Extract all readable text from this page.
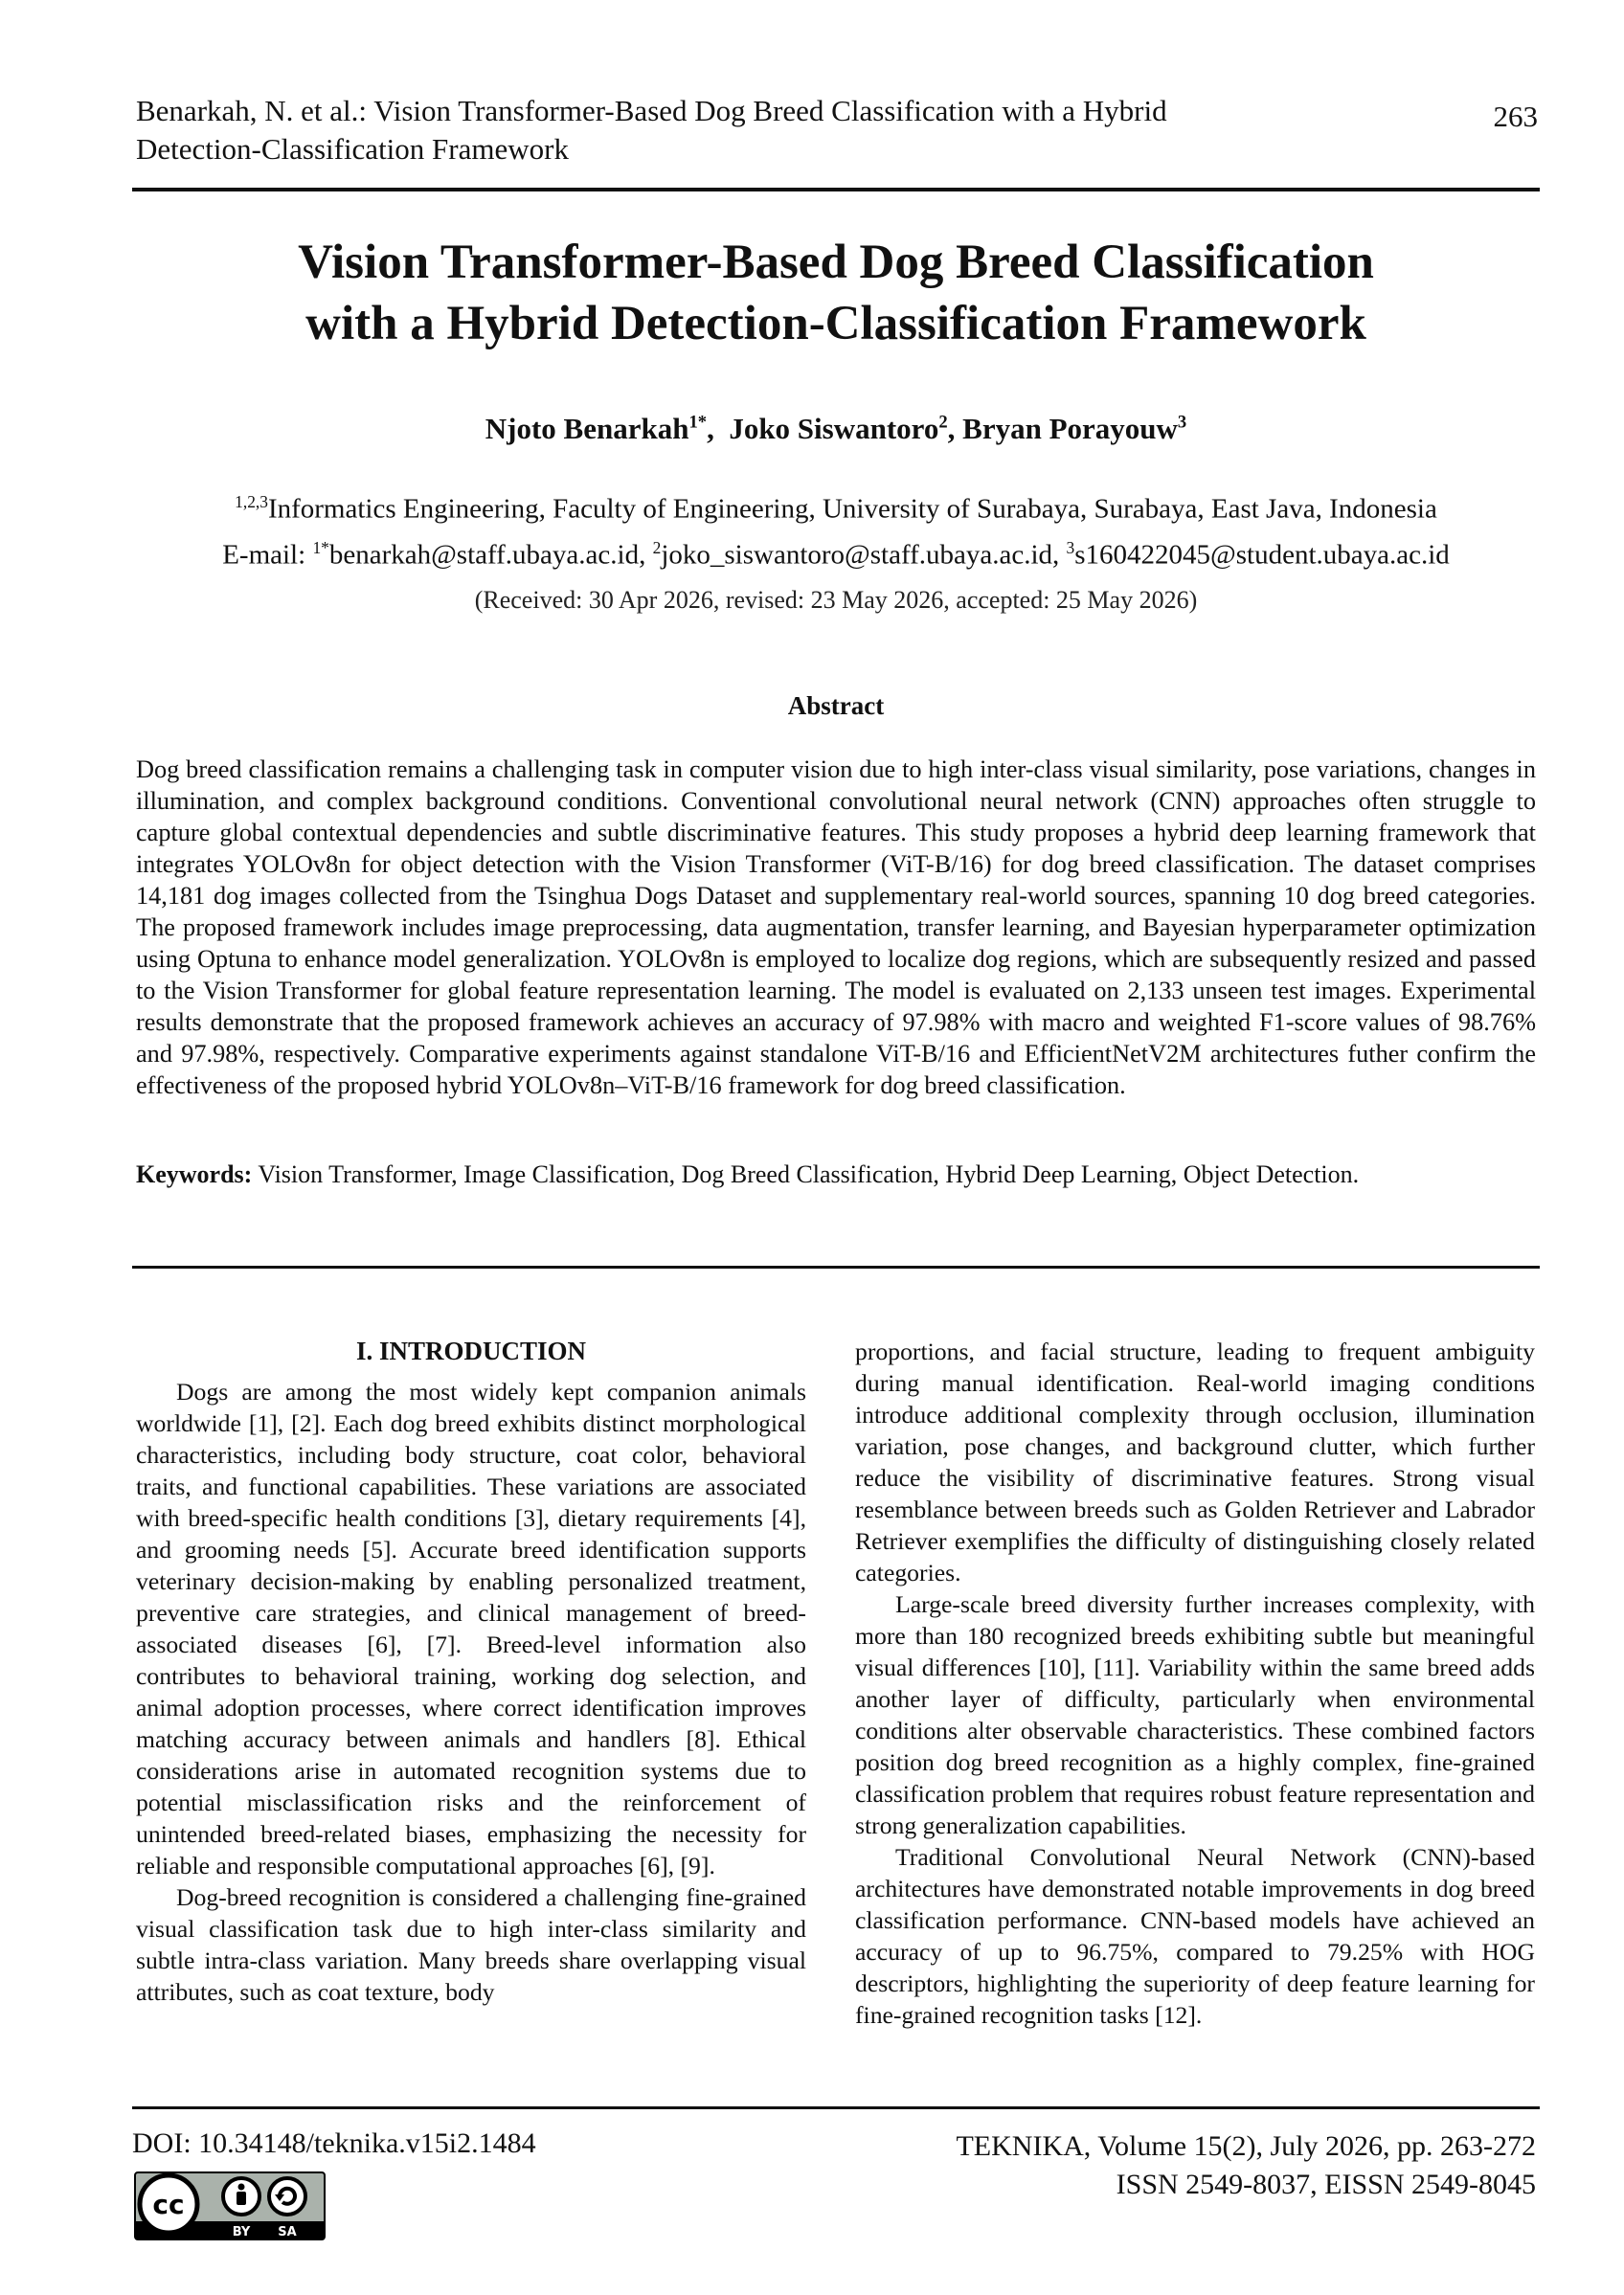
Benarkah, N. et al.: Vision Transformer-Based Dog Breed Classification with a Hybrid Detection-Classification Framework
263
Vision Transformer-Based Dog Breed Classification
with a Hybrid Detection-Classification Framework
Njoto Benarkah$^{1*}$,  Joko Siswantoro$^2$, Bryan Porayouw$^3$
$^{1,2,3}$Informatics Engineering, Faculty of Engineering, University of Surabaya, Surabaya, East Java, Indonesia
E-mail: $^{1*}$benarkah@staff.ubaya.ac.id, $^2$joko_siswantoro@staff.ubaya.ac.id, $^3$s160422045@student.ubaya.ac.id
(Received: 30 Apr 2026, revised: 23 May 2026, accepted: 25 May 2026)
Abstract
Dog breed classification remains a challenging task in computer vision due to high inter-class visual similarity, pose variations, changes in illumination, and complex background conditions. Conventional convolutional neural network (CNN) approaches often struggle to capture global contextual dependencies and subtle discriminative features. This study proposes a hybrid deep learning framework that integrates YOLOv8n for object detection with the Vision Transformer (ViT-B/16) for dog breed classification. The dataset comprises 14,181 dog images collected from the Tsinghua Dogs Dataset and supplementary real-world sources, spanning 10 dog breed categories. The proposed framework includes image preprocessing, data augmentation, transfer learning, and Bayesian hyperparameter optimization using Optuna to enhance model generalization. YOLOv8n is employed to localize dog regions, which are subsequently resized and passed to the Vision Transformer for global feature representation learning. The model is evaluated on 2,133 unseen test images. Experimental results demonstrate that the proposed framework achieves an accuracy of 97.98% with macro and weighted F1-score values of 98.76% and 97.98%, respectively. Comparative experiments against standalone ViT-B/16 and EfficientNetV2M architectures futher confirm the effectiveness of the proposed hybrid YOLOv8n–ViT-B/16 framework for dog breed classification.
Keywords: Vision Transformer, Image Classification, Dog Breed Classification, Hybrid Deep Learning, Object Detection.
I. INTRODUCTION

Dogs are among the most widely kept companion animals worldwide [1], [2]. Each dog breed exhibits distinct morphological characteristics, including body structure, coat color, behavioral traits, and functional capabilities. These variations are associated with breed-specific health conditions [3], dietary requirements [4], and grooming needs [5]. Accurate breed identification supports veterinary decision-making by enabling personalized treatment, preventive care strategies, and clinical management of breed-associated diseases [6], [7]. Breed-level information also contributes to behavioral training, working dog selection, and animal adoption processes, where correct identification improves matching accuracy between animals and handlers [8]. Ethical considerations arise in automated recognition systems due to potential misclassification risks and the reinforcement of unintended breed-related biases, emphasizing the necessity for reliable and responsible computational approaches [6], [9].

Dog-breed recognition is considered a challenging fine-grained visual classification task due to high inter-class similarity and subtle intra-class variation. Many breeds share overlapping visual attributes, such as coat texture, body

proportions, and facial structure, leading to frequent ambiguity during manual identification. Real-world imaging conditions introduce additional complexity through occlusion, illumination variation, pose changes, and background clutter, which further reduce the visibility of discriminative features. Strong visual resemblance between breeds such as Golden Retriever and Labrador Retriever exemplifies the difficulty of distinguishing closely related categories.

Large-scale breed diversity further increases complexity, with more than 180 recognized breeds exhibiting subtle but meaningful visual differences [10], [11]. Variability within the same breed adds another layer of difficulty, particularly when environmental conditions alter observable characteristics. These combined factors position dog breed recognition as a highly complex, fine-grained classification problem that requires robust feature representation and strong generalization capabilities.

Traditional Convolutional Neural Network (CNN)-based architectures have demonstrated notable improvements in dog breed classification performance. CNN-based models have achieved an accuracy of up to 96.75%, compared to 79.25% with HOG descriptors, highlighting the superiority of deep feature learning for fine-grained recognition tasks [12].

DOI: 10.34148/teknika.v15i2.1484	TEKNIKA, Volume 15(2), July 2026, pp. 263-272
ISSN 2549-8037, EISSN 2549-8045
cc
BY SA
